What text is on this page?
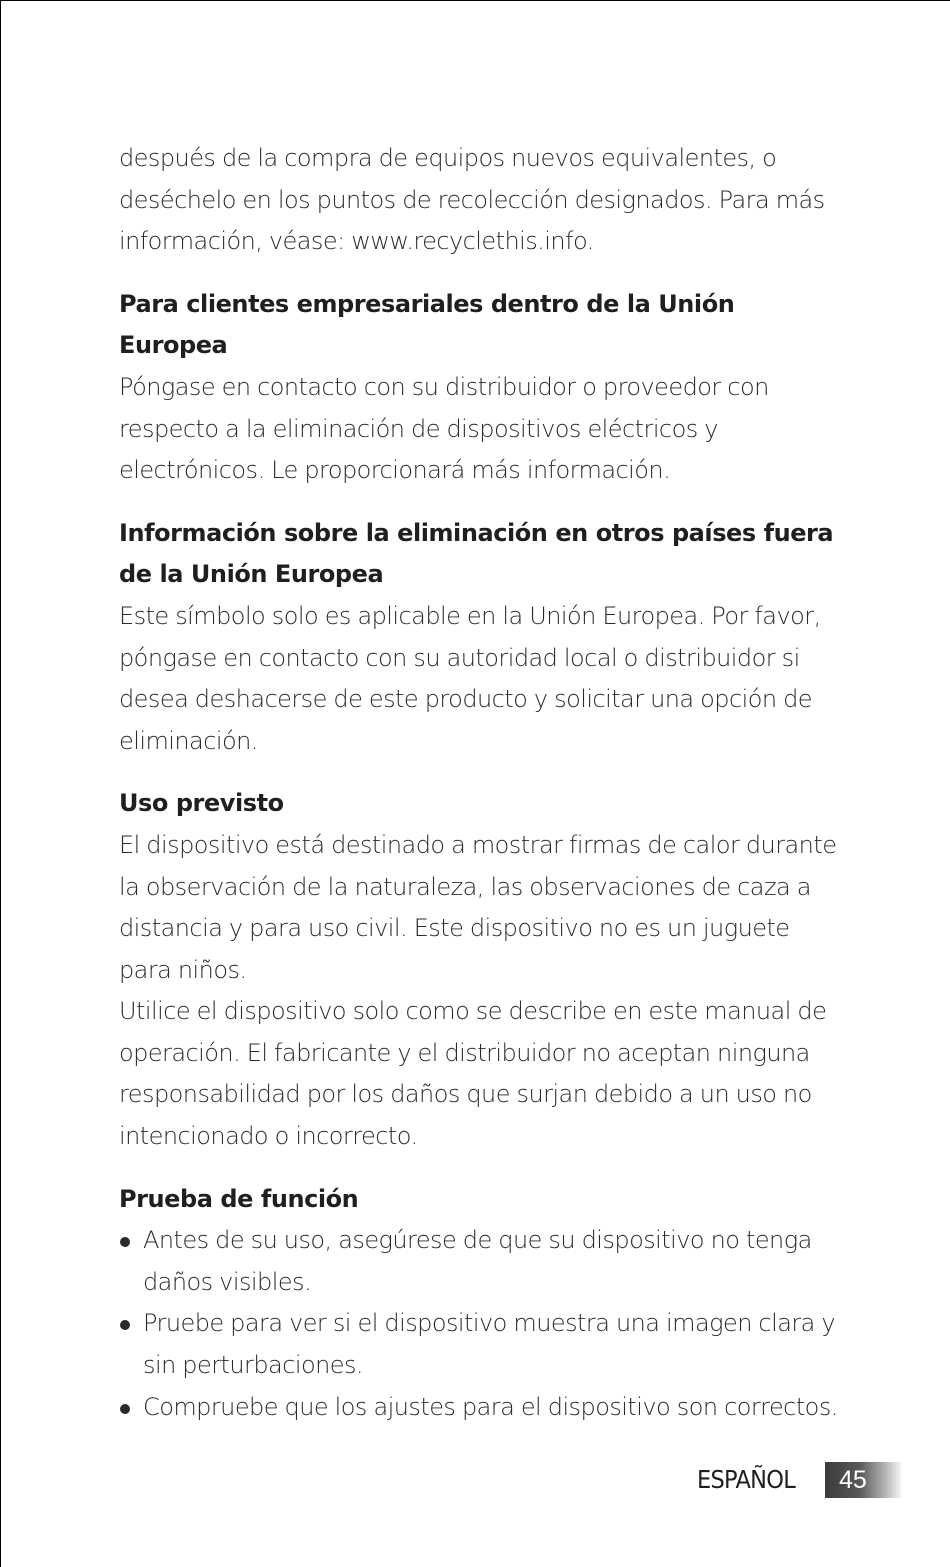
después de la compra de equipos nuevos equivalentes, o deséchelo en los puntos de recolección designados. Para más información, véase: www.recyclethis.info.

Para clientes empresariales dentro de la Unión Europea

Póngase en contacto con su distribuidor o proveedor con respecto a la eliminación de dispositivos eléctricos y electrónicos. Le proporcionará más información.

Información sobre la eliminación en otros países fuera de la Unión Europea

Este símbolo solo es aplicable en la Unión Europea. Por favor, póngase en contacto con su autoridad local o distribuidor si desea deshacerse de este producto y solicitar una opción de eliminación.

Uso previsto

El dispositivo está destinado a mostrar firmas de calor durante la observación de la naturaleza, las observaciones de caza a distancia y para uso civil. Este dispositivo no es un juguete para niños.

Utilice el dispositivo solo como se describe en este manual de operación. El fabricante y el distribuidor no aceptan ninguna responsabilidad por los daños que surjan debido a un uso no intencionado o incorrecto.

Prueba de función
Antes de su uso, asegúrese de que su dispositivo no tenga daños visibles.
Pruebe para ver si el dispositivo muestra una imagen clara y sin perturbaciones.
Compruebe que los ajustes para el dispositivo son correctos.
ESPAÑOL 45
